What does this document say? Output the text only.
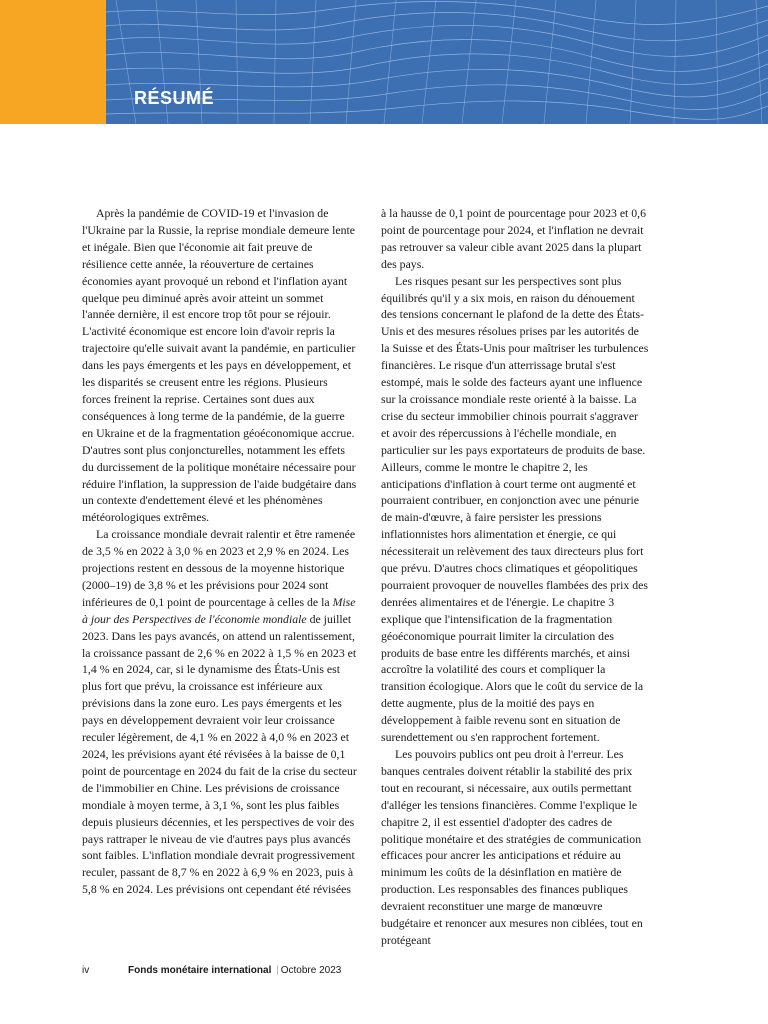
RÉSUMÉ

Après la pandémie de COVID-19 et l'invasion de l'Ukraine par la Russie, la reprise mondiale demeure lente et inégale. Bien que l'économie ait fait preuve de résilience cette année, la réouverture de certaines économies ayant provoqué un rebond et l'inflation ayant quelque peu diminué après avoir atteint un sommet l'année dernière, il est encore trop tôt pour se réjouir. L'activité économique est encore loin d'avoir repris la trajectoire qu'elle suivait avant la pandémie, en particulier dans les pays émergents et les pays en développement, et les disparités se creusent entre les régions. Plusieurs forces freinent la reprise. Certaines sont dues aux conséquences à long terme de la pandémie, de la guerre en Ukraine et de la fragmentation géoéconomique accrue. D'autres sont plus conjoncturelles, notamment les effets du durcissement de la politique monétaire nécessaire pour réduire l'inflation, la suppression de l'aide budgétaire dans un contexte d'endettement élevé et les phénomènes météorologiques extrêmes.

La croissance mondiale devrait ralentir et être ramenée de 3,5 % en 2022 à 3,0 % en 2023 et 2,9 % en 2024. Les projections restent en dessous de la moyenne historique (2000–19) de 3,8 % et les prévisions pour 2024 sont inférieures de 0,1 point de pourcentage à celles de la Mise à jour des Perspectives de l'économie mondiale de juillet 2023. Dans les pays avancés, on attend un ralentissement, la croissance passant de 2,6 % en 2022 à 1,5 % en 2023 et 1,4 % en 2024, car, si le dynamisme des États-Unis est plus fort que prévu, la croissance est inférieure aux prévisions dans la zone euro. Les pays émergents et les pays en développement devraient voir leur croissance reculer légèrement, de 4,1 % en 2022 à 4,0 % en 2023 et 2024, les prévisions ayant été révisées à la baisse de 0,1 point de pourcentage en 2024 du fait de la crise du secteur de l'immobilier en Chine. Les prévisions de croissance mondiale à moyen terme, à 3,1 %, sont les plus faibles depuis plusieurs décennies, et les perspectives de voir des pays rattraper le niveau de vie d'autres pays plus avancés sont faibles. L'inflation mondiale devrait progressivement reculer, passant de 8,7 % en 2022 à 6,9 % en 2023, puis à 5,8 % en 2024. Les prévisions ont cependant été révisées

à la hausse de 0,1 point de pourcentage pour 2023 et 0,6 point de pourcentage pour 2024, et l'inflation ne devrait pas retrouver sa valeur cible avant 2025 dans la plupart des pays.

Les risques pesant sur les perspectives sont plus équilibrés qu'il y a six mois, en raison du dénouement des tensions concernant le plafond de la dette des États-Unis et des mesures résolues prises par les autorités de la Suisse et des États-Unis pour maîtriser les turbulences financières. Le risque d'un atterrissage brutal s'est estompé, mais le solde des facteurs ayant une influence sur la croissance mondiale reste orienté à la baisse. La crise du secteur immobilier chinois pourrait s'aggraver et avoir des répercussions à l'échelle mondiale, en particulier sur les pays exportateurs de produits de base. Ailleurs, comme le montre le chapitre 2, les anticipations d'inflation à court terme ont augmenté et pourraient contribuer, en conjonction avec une pénurie de main-d'œuvre, à faire persister les pressions inflationnistes hors alimentation et énergie, ce qui nécessiterait un relèvement des taux directeurs plus fort que prévu. D'autres chocs climatiques et géopolitiques pourraient provoquer de nouvelles flambées des prix des denrées alimentaires et de l'énergie. Le chapitre 3 explique que l'intensification de la fragmentation géoéconomique pourrait limiter la circulation des produits de base entre les différents marchés, et ainsi accroître la volatilité des cours et compliquer la transition écologique. Alors que le coût du service de la dette augmente, plus de la moitié des pays en développement à faible revenu sont en situation de surendettement ou s'en rapprochent fortement.

Les pouvoirs publics ont peu droit à l'erreur. Les banques centrales doivent rétablir la stabilité des prix tout en recourant, si nécessaire, aux outils permettant d'alléger les tensions financières. Comme l'explique le chapitre 2, il est essentiel d'adopter des cadres de politique monétaire et des stratégies de communication efficaces pour ancrer les anticipations et réduire au minimum les coûts de la désinflation en matière de production. Les responsables des finances publiques devraient reconstituer une marge de manœuvre budgétaire et renoncer aux mesures non ciblées, tout en protégeant

iv	Fonds monétaire international | Octobre 2023
